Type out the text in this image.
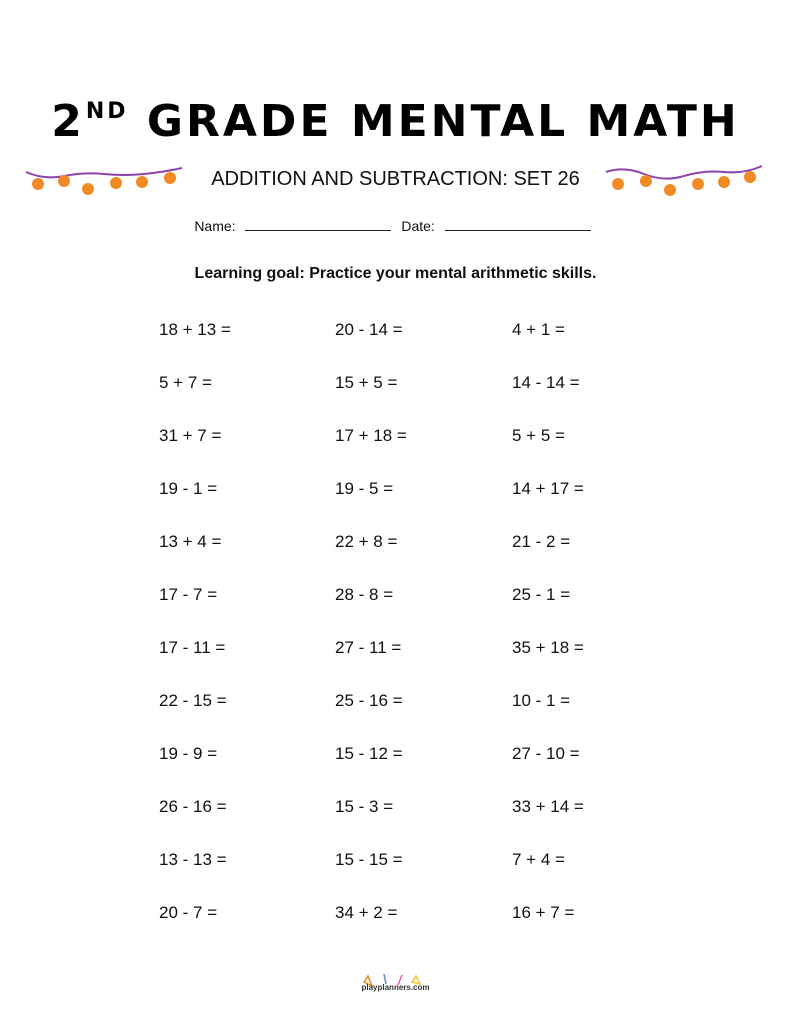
2ND GRADE MENTAL MATH
ADDITION AND SUBTRACTION: SET 26
Name:	Date:
Learning goal: Practice your mental arithmetic skills.
18 + 13 =	20 - 14 =	4 + 1 =
5 + 7 =	15 + 5 =	14 - 14 =
31 + 7 =	17 + 18 =	5 + 5 =
19 - 1 =	19 - 5 =	14 + 17 =
13 + 4 =	22 + 8 =	21 - 2 =
17 - 7 =	28 - 8 =	25 - 1 =
17 - 11 =	27 - 11 =	35 + 18 =
22 - 15 =	25 - 16 =	10 - 1 =
19 - 9 =	15 - 12 =	27 - 10 =
26 - 16 =	15 - 3 =	33 + 14 =
13 - 13 =	15 - 15 =	7 + 4 =
20 - 7 =	34 + 2 =	16 + 7 =
playplanners.com
